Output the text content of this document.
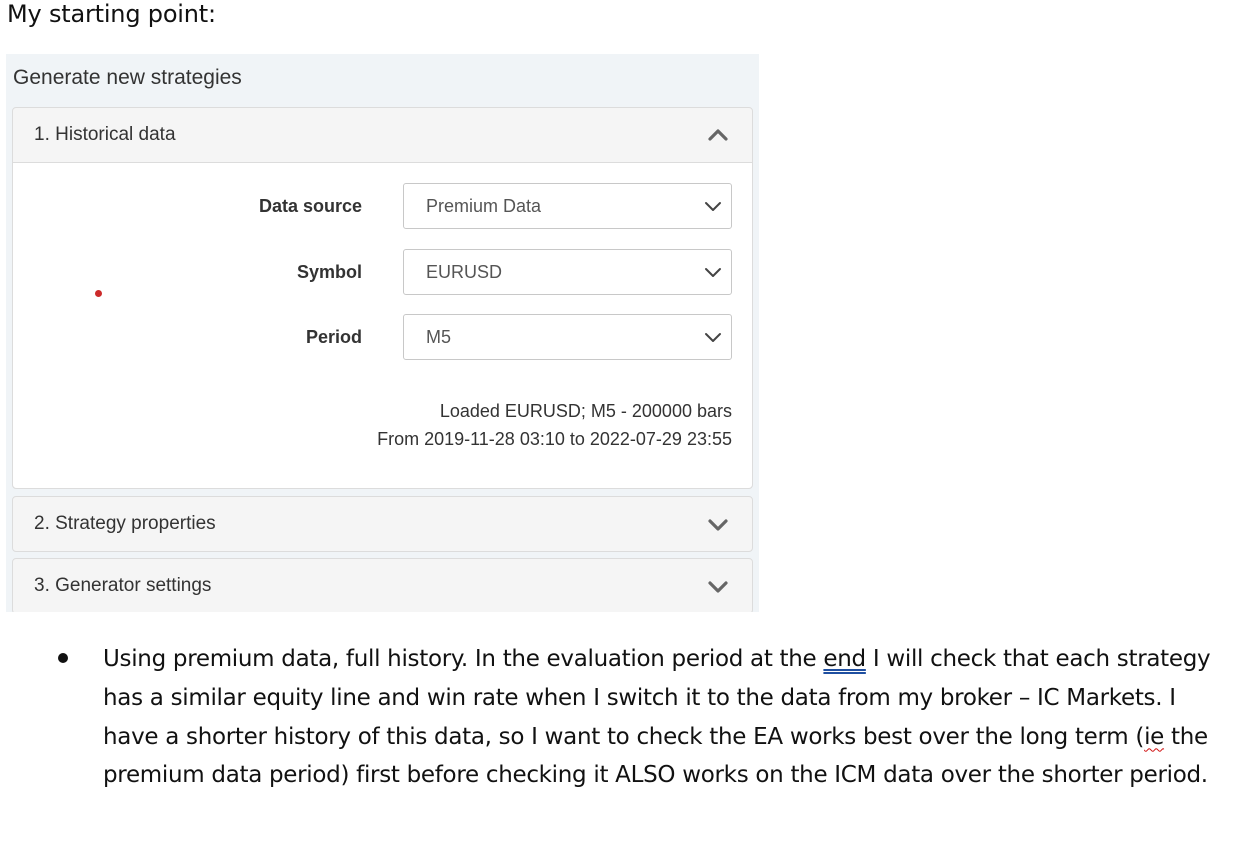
My starting point:
Generate new strategies
1. Historical data
Data source	Premium Data
Symbol	EURUSD
Period	M5
Loaded EURUSD; M5 - 200000 bars
From 2019-11-28 03:10 to 2022-07-29 23:55
2. Strategy properties
3. Generator settings
Using premium data, full history. In the evaluation period at the end I will check that each strategy has a similar equity line and win rate when I switch it to the data from my broker – IC Markets. I have a shorter history of this data, so I want to check the EA works best over the long term (ie the premium data period) first before checking it ALSO works on the ICM data over the shorter period.
